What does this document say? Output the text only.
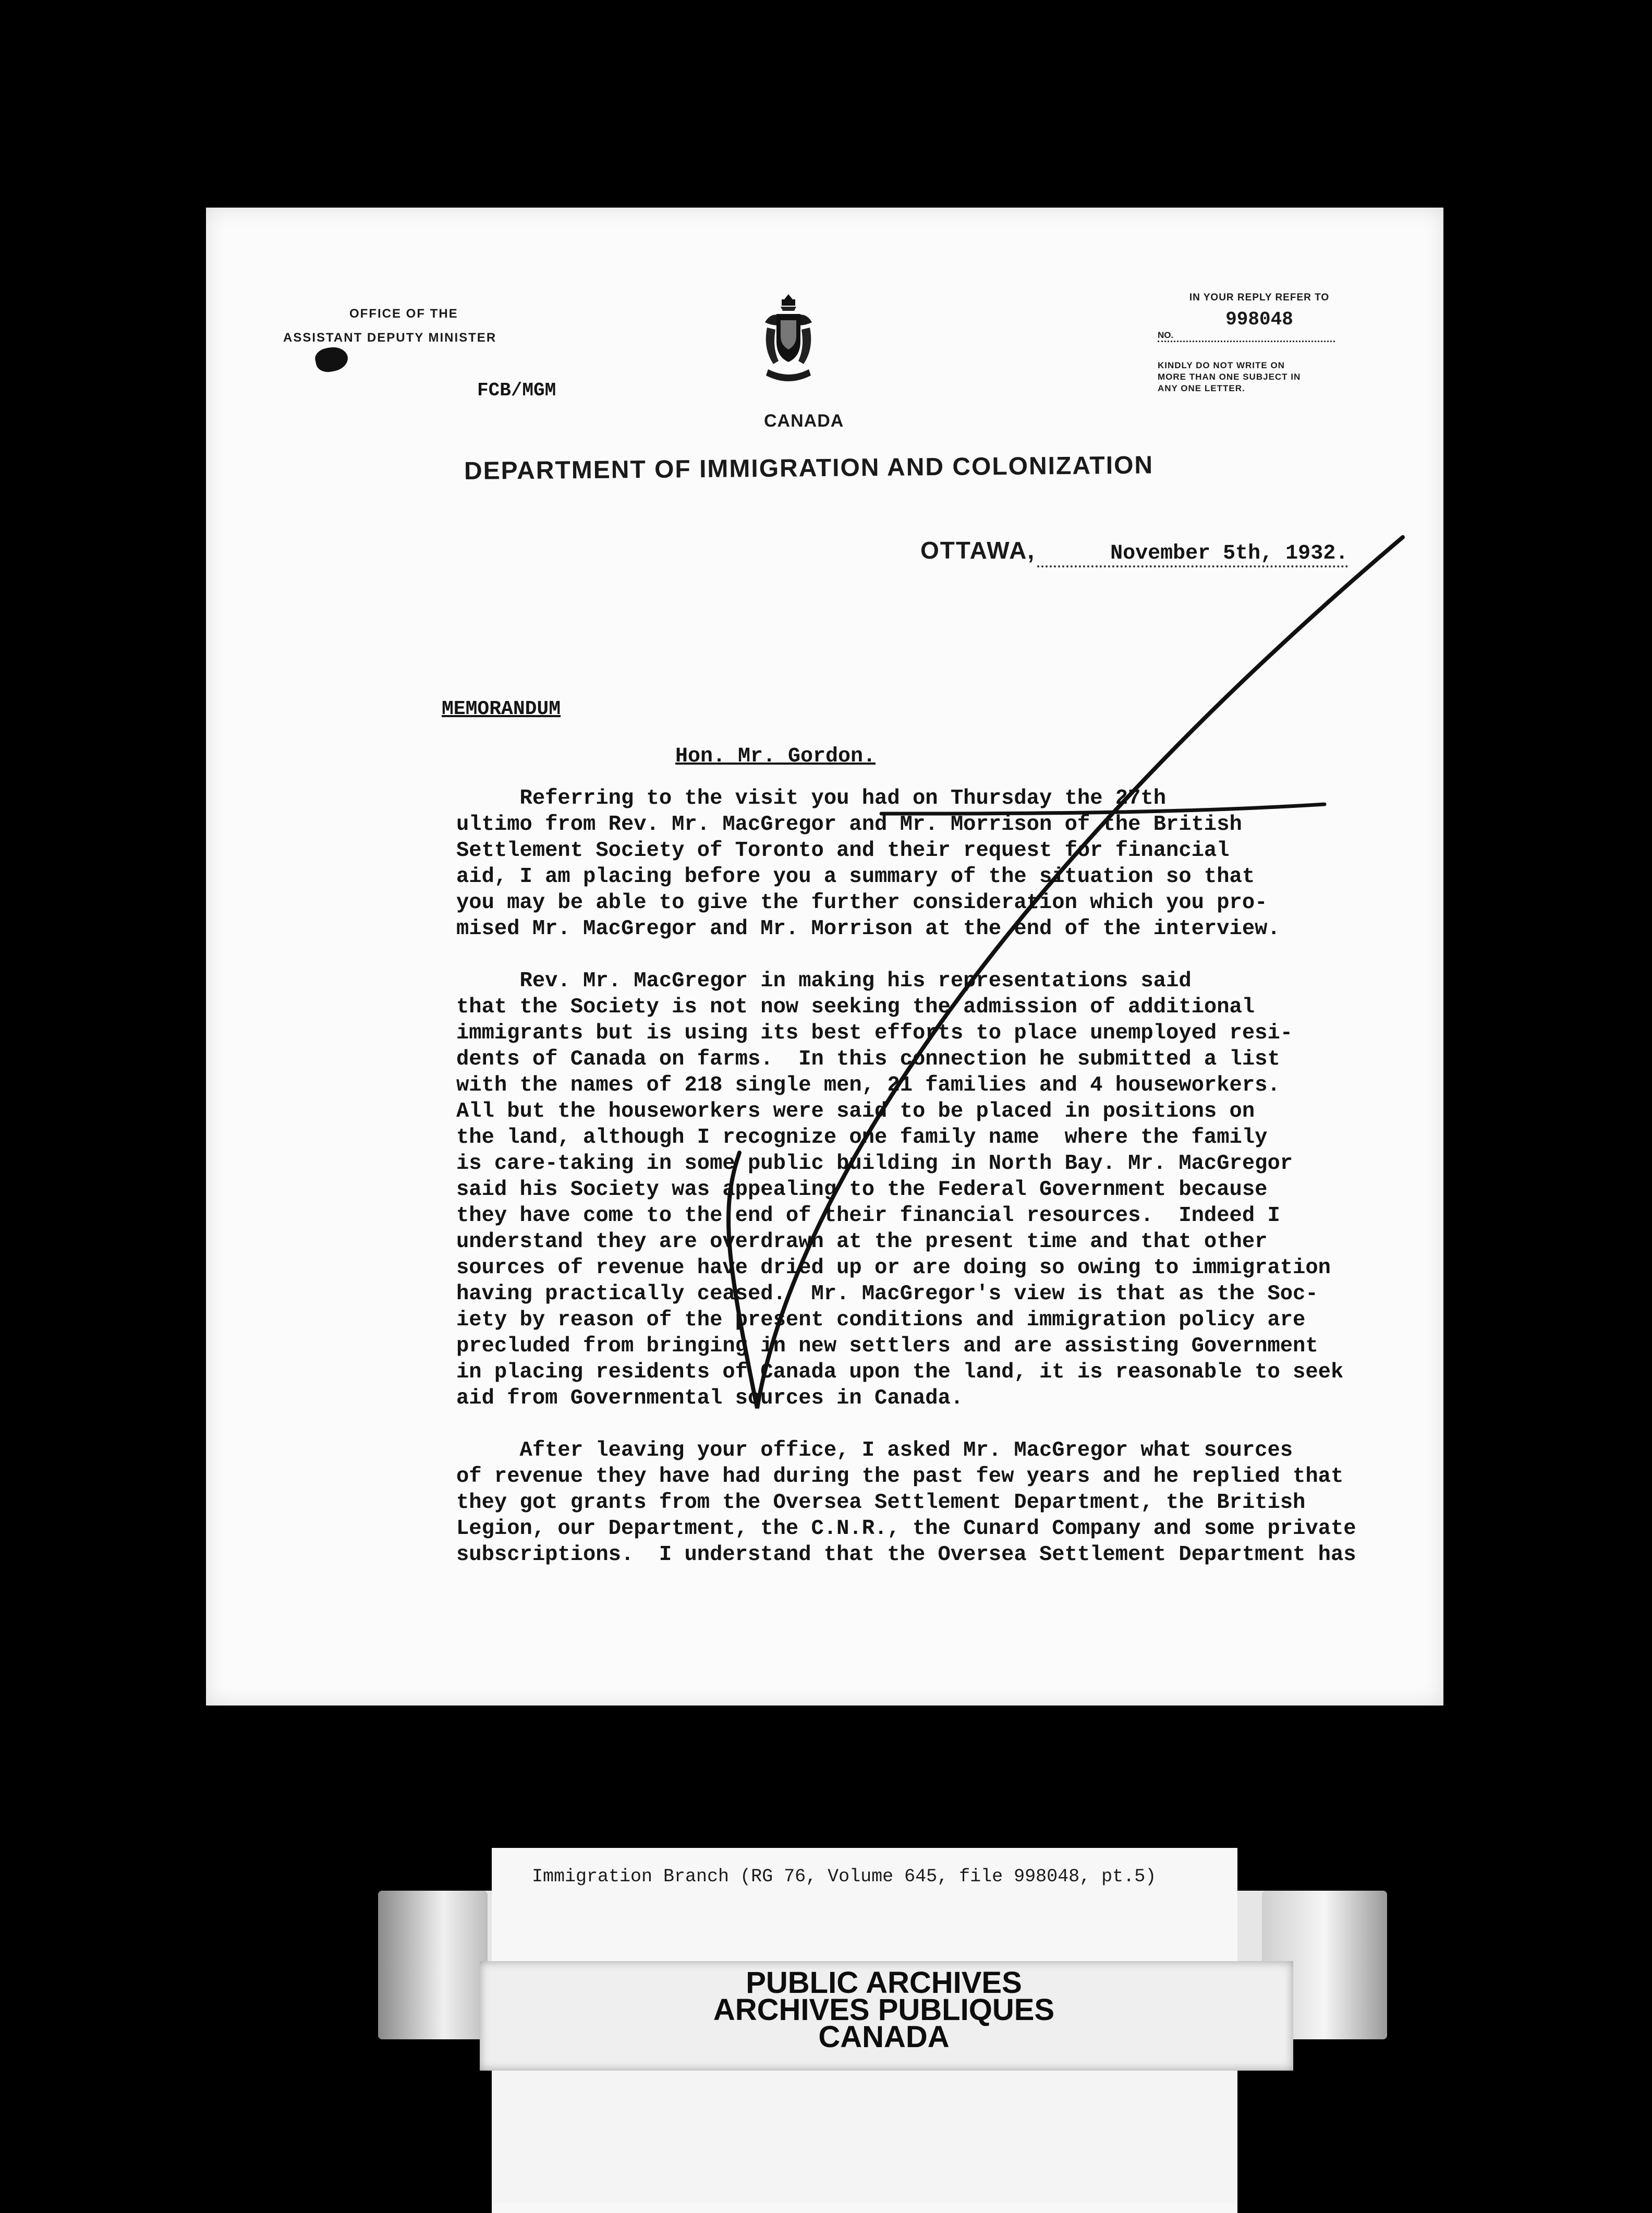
OFFICE OF THE
ASSISTANT DEPUTY MINISTER
FCB/MGM
CANADA
IN YOUR REPLY REFER TO
998048
NO.
KINDLY DO NOT WRITE ON
MORE THAN ONE SUBJECT IN
ANY ONE LETTER.
DEPARTMENT OF IMMIGRATION AND COLONIZATION
OTTAWA,	November 5th, 1932.
MEMORANDUM
Hon. Mr. Gordon.
Referring to the visit you had on Thursday the 27th
ultimo from Rev. Mr. MacGregor and Mr. Morrison of the British
Settlement Society of Toronto and their request for financial
aid, I am placing before you a summary of the situation so that
you may be able to give the further consideration which you pro-
mised Mr. MacGregor and Mr. Morrison at the end of the interview.
Rev. Mr. MacGregor in making his representations said
that the Society is not now seeking the admission of additional
immigrants but is using its best efforts to place unemployed resi-
dents of Canada on farms.  In this connection he submitted a list
with the names of 218 single men, 21 families and 4 houseworkers.
All but the houseworkers were said to be placed in positions on
the land, although I recognize one family name  where the family
is care-taking in some public building in North Bay. Mr. MacGregor
said his Society was appealing to the Federal Government because
they have come to the end of their financial resources.  Indeed I
understand they are overdrawn at the present time and that other
sources of revenue have dried up or are doing so owing to immigration
having practically ceased.  Mr. MacGregor's view is that as the Soc-
iety by reason of the present conditions and immigration policy are
precluded from bringing in new settlers and are assisting Government
in placing residents of Canada upon the land, it is reasonable to seek
aid from Governmental sources in Canada.
After leaving your office, I asked Mr. MacGregor what sources
of revenue they have had during the past few years and he replied that
they got grants from the Oversea Settlement Department, the British
Legion, our Department, the C.N.R., the Cunard Company and some private
subscriptions.  I understand that the Oversea Settlement Department has
Immigration Branch (RG 76, Volume 645, file 998048, pt.5)
PUBLIC ARCHIVES
ARCHIVES PUBLIQUES
CANADA
